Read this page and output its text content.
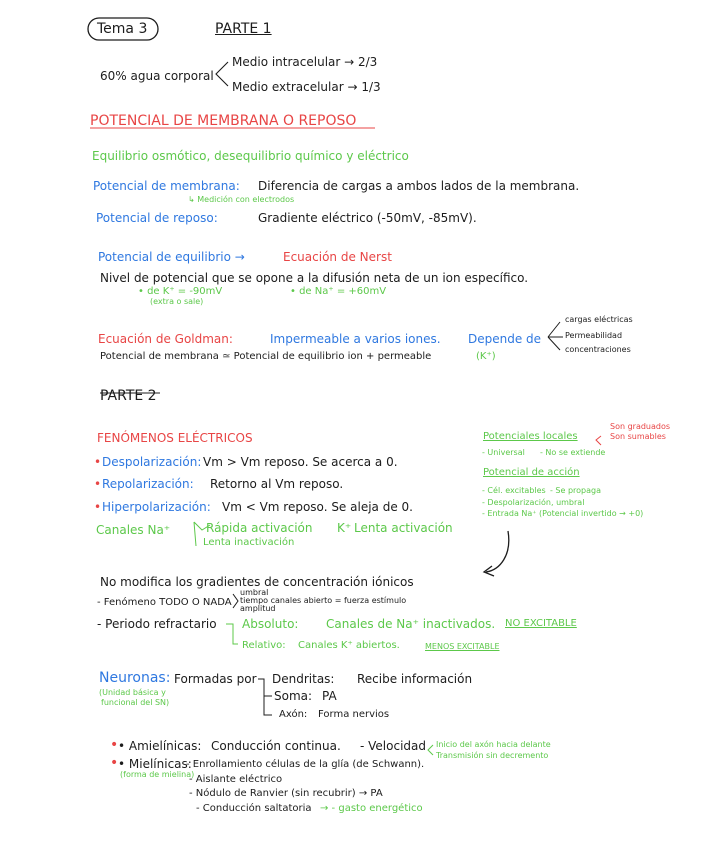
Tema 3	PARTE 1
60% agua corporal
Medio intracelular → 2/3
Medio extracelular → 1/3
POTENCIAL DE MEMBRANA O REPOSO
Equilibrio osmótico, desequilibrio químico y eléctrico
Potencial de membrana: Diferencia de cargas a ambos lados de la membrana.
↳ Medición con electrodos
Potencial de reposo:	Gradiente eléctrico (-50mV, -85mV).
Potencial de equilibrio →	Ecuación de Nerst
Nivel de potencial que se opone a la difusión neta de un ion específico.
• de K⁺ = -90mV
(extra o sale)
• de Na⁺ = +60mV
Ecuación de Goldman:	Impermeable a varios iones. Depende de
cargas eléctricas
Permeabilidad
concentraciones
Potencial de membrana ≃ Potencial de equilibrio ion + permeable	(K⁺)
PARTE 2
FENÓMENOS ELÉCTRICOS
• Despolarización: Vm > Vm reposo. Se acerca a 0.
• Repolarización: Retorno al Vm reposo.
• Hiperpolarización: Vm < Vm reposo. Se aleja de 0.
Canales Na⁺	Rápida activación
Lenta inactivación
K⁺ Lenta activación
Potenciales locales
Son graduados
Son sumables
- Universal - No se extiende
Potencial de acción
- Cél. excitables - Se propaga
- Despolarización, umbral
- Entrada Na⁺ (Potencial invertido → +0)
No modifica los gradientes de concentración iónicos
- Fenómeno TODO O NADA
umbral
tiempo canales abierto = fuerza estímulo
amplitud
- Periodo refractario Absoluto: Canales de Na⁺ inactivados. NO EXCITABLE
Relativo: Canales K⁺ abiertos.	MENOS EXCITABLE
Neuronas:
(Unidad básica y
funcional del SN)
Formadas por Dendritas: Recibe información
Soma: PA
Axón: Forma nervios
• • Amielínicas: Conducción continua. - Velocidad Inicio del axón hacia delante
Transmisión sin decremento
• • Mielínicas:
(forma de mielina)
- Enrollamiento células de la glía (de Schwann).
- Aislante eléctrico
- Nódulo de Ranvier (sin recubrir) → PA
- Conducción saltatoria → - gasto energético
